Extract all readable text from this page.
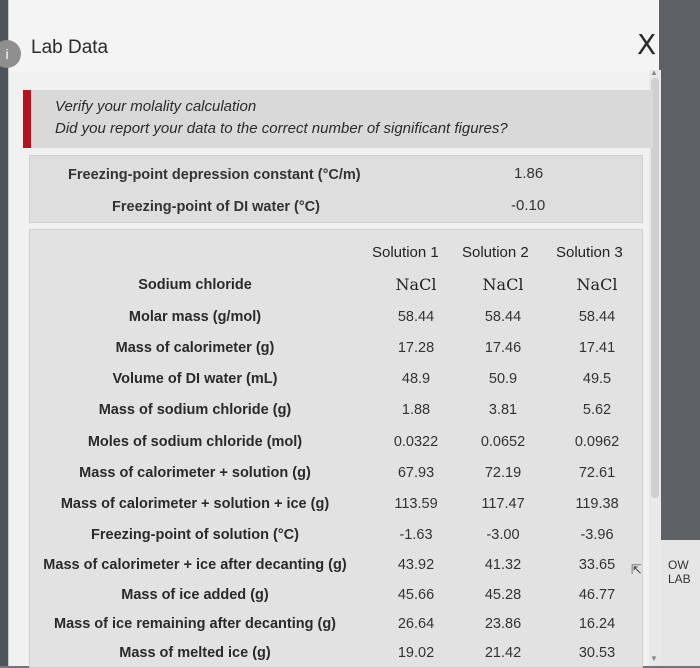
OW LAB
i	Lab Data	X
▲
▼
Verify your molality calculation
Did you report your data to the correct number of significant figures?
Freezing-point depression constant (°C/m)	1.86
Freezing-point of DI water (°C)	-0.10
Solution 1 Solution 2 Solution 3
Sodium chloride	NaCl	NaCl	NaCl
Molar mass (g/mol)	58.44	58.44	58.44
Mass of calorimeter (g)	17.28	17.46	17.41
Volume of DI water (mL)	48.9	50.9	49.5
Mass of sodium chloride (g)	1.88	3.81	5.62
Moles of sodium chloride (mol)	0.0322	0.0652	0.0962
Mass of calorimeter + solution (g)	67.93	72.19	72.61
Mass of calorimeter + solution + ice (g)	113.59	117.47	119.38
Freezing-point of solution (°C)	-1.63	-3.00	-3.96
Mass of calorimeter + ice after decanting (g)	43.92	41.32	33.65
Mass of ice added (g)	45.66	45.28	46.77
Mass of ice remaining after decanting (g)	26.64	23.86	16.24
Mass of melted ice (g)	19.02	21.42	30.53
⇱
